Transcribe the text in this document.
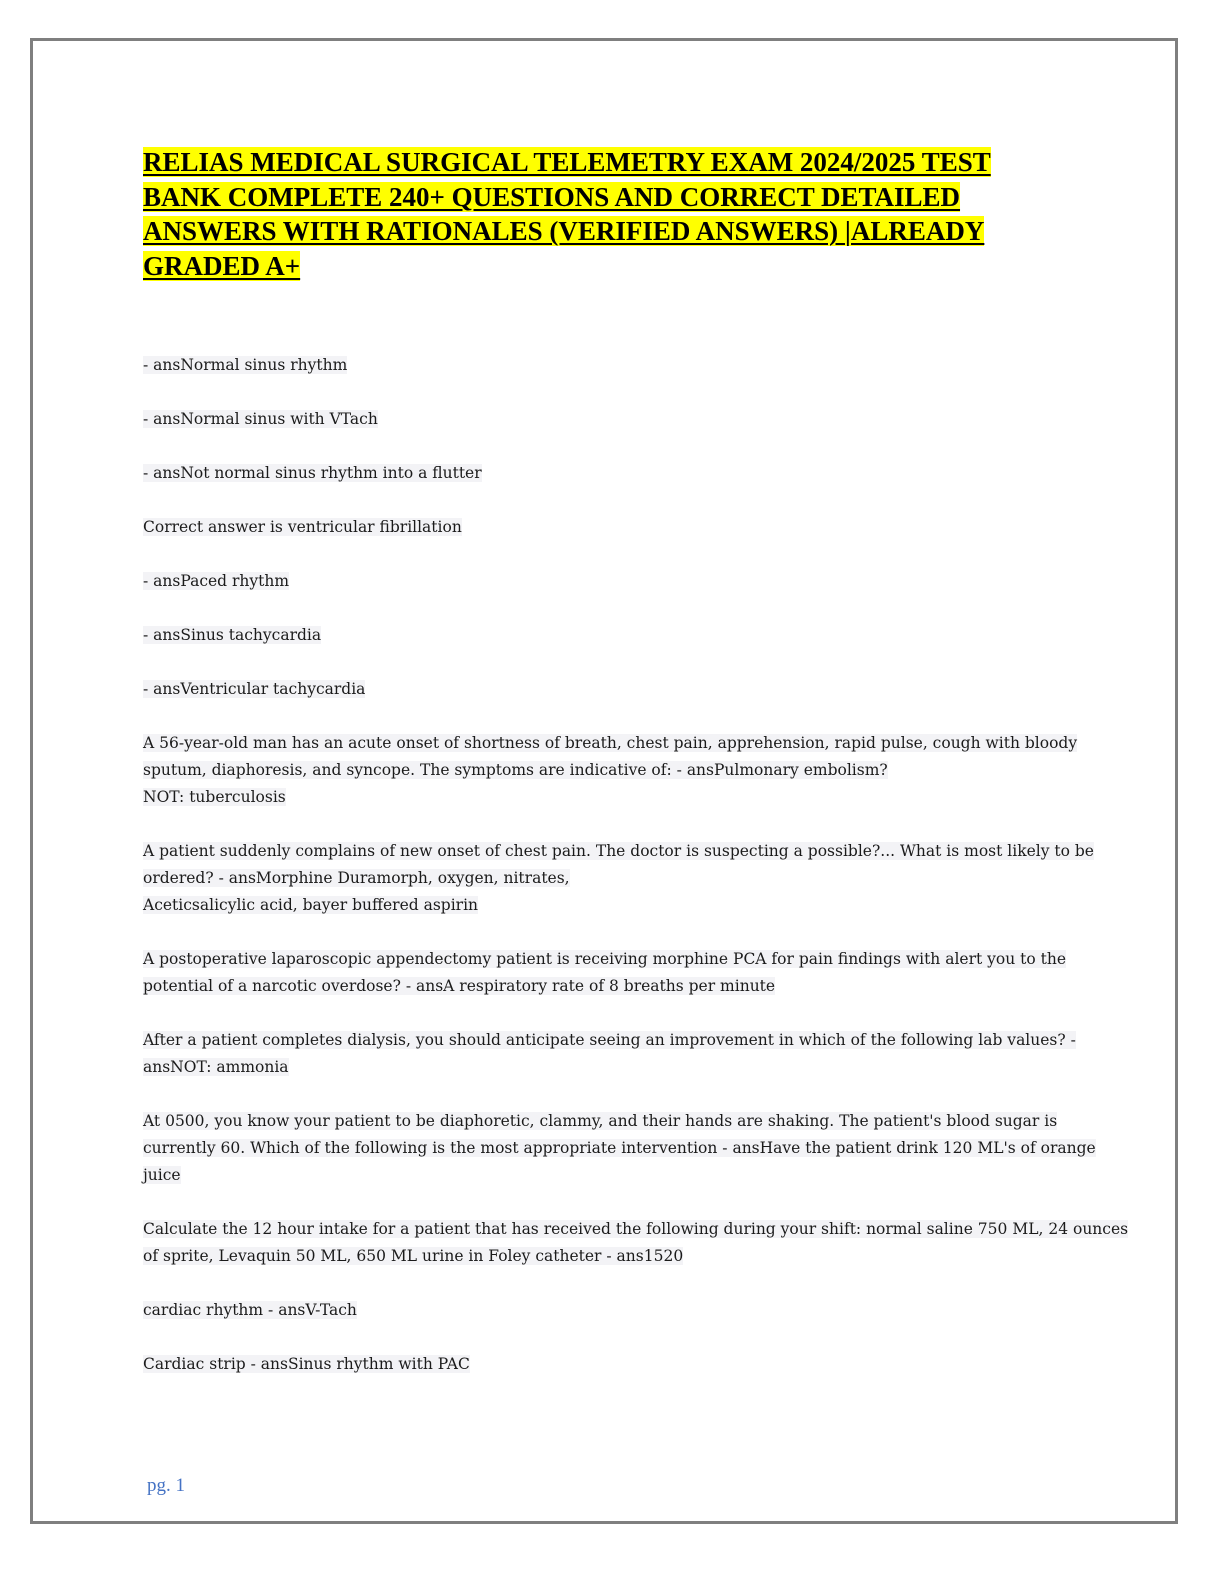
RELIAS MEDICAL SURGICAL TELEMETRY EXAM 2024/2025 TEST
BANK COMPLETE 240+ QUESTIONS AND CORRECT DETAILED
ANSWERS WITH RATIONALES (VERIFIED ANSWERS) |ALREADY
GRADED A+
- ansNormal sinus rhythm
- ansNormal sinus with VTach
- ansNot normal sinus rhythm into a flutter
Correct answer is ventricular fibrillation
- ansPaced rhythm
- ansSinus tachycardia
- ansVentricular tachycardia
A 56-year-old man has an acute onset of shortness of breath, chest pain, apprehension, rapid pulse, cough with bloody
sputum, diaphoresis, and syncope. The symptoms are indicative of: - ansPulmonary embolism?
NOT: tuberculosis
A patient suddenly complains of new onset of chest pain. The doctor is suspecting a possible?... What is most likely to be
ordered? - ansMorphine Duramorph, oxygen, nitrates,
Aceticsalicylic acid, bayer buffered aspirin
A postoperative laparoscopic appendectomy patient is receiving morphine PCA for pain findings with alert you to the
potential of a narcotic overdose? - ansA respiratory rate of 8 breaths per minute
After a patient completes dialysis, you should anticipate seeing an improvement in which of the following lab values? -
ansNOT: ammonia
At 0500, you know your patient to be diaphoretic, clammy, and their hands are shaking. The patient's blood sugar is
currently 60. Which of the following is the most appropriate intervention - ansHave the patient drink 120 ML's of orange
juice
Calculate the 12 hour intake for a patient that has received the following during your shift: normal saline 750 ML, 24 ounces
of sprite, Levaquin 50 ML, 650 ML urine in Foley catheter - ans1520
cardiac rhythm - ansV-Tach
Cardiac strip - ansSinus rhythm with PAC
pg. 1
